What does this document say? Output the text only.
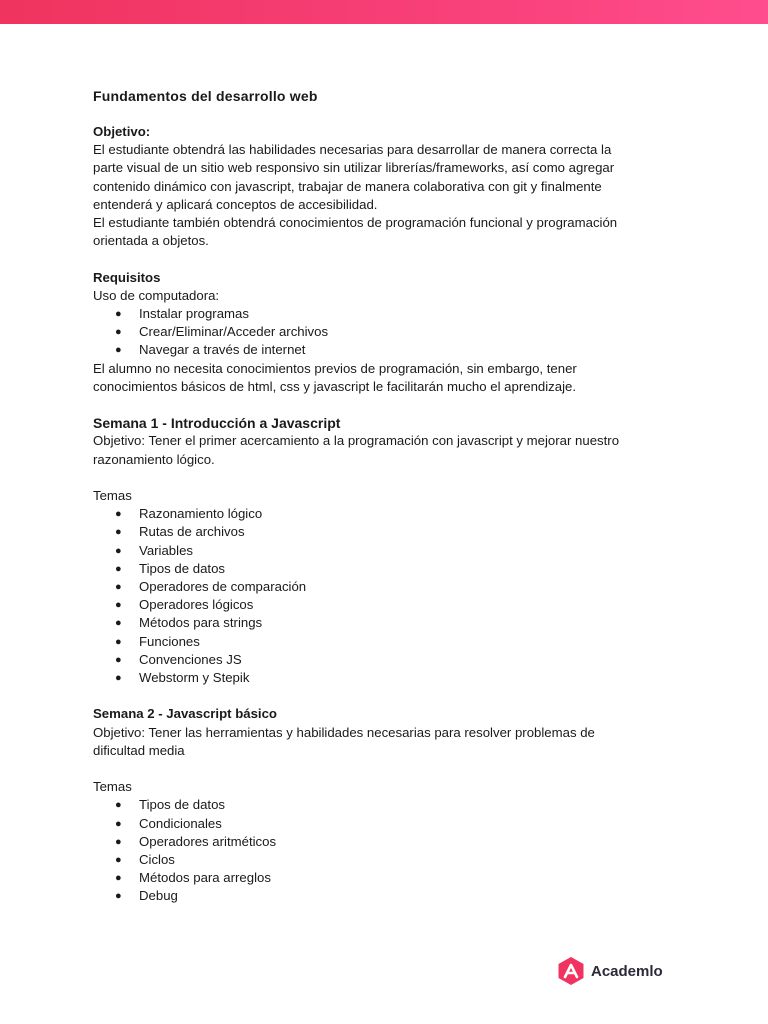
Fundamentos del desarrollo web

Objetivo:

El estudiante obtendrá las habilidades necesarias para desarrollar de manera correcta la

parte visual de un sitio web responsivo sin utilizar librerías/frameworks, así como agregar

contenido dinámico con javascript, trabajar de manera colaborativa con git y finalmente

entenderá y aplicará conceptos de accesibilidad.

El estudiante también obtendrá conocimientos de programación funcional y programación

orientada a objetos.

Requisitos

Uso de computadora:

● Instalar programas
● Crear/Eliminar/Acceder archivos
● Navegar a través de internet

El alumno no necesita conocimientos previos de programación, sin embargo, tener

conocimientos básicos de html, css y javascript le facilitarán mucho el aprendizaje.

Semana 1 - Introducción a Javascript

Objetivo: Tener el primer acercamiento a la programación con javascript y mejorar nuestro

razonamiento lógico.

Temas

● Razonamiento lógico
● Rutas de archivos
● Variables
● Tipos de datos
● Operadores de comparación
● Operadores lógicos
● Métodos para strings
● Funciones
● Convenciones JS
● Webstorm y Stepik

Semana 2 - Javascript básico

Objetivo: Tener las herramientas y habilidades necesarias para resolver problemas de

dificultad media

Temas

● Tipos de datos
● Condicionales
● Operadores aritméticos
● Ciclos
● Métodos para arreglos
● Debug
Academlo
